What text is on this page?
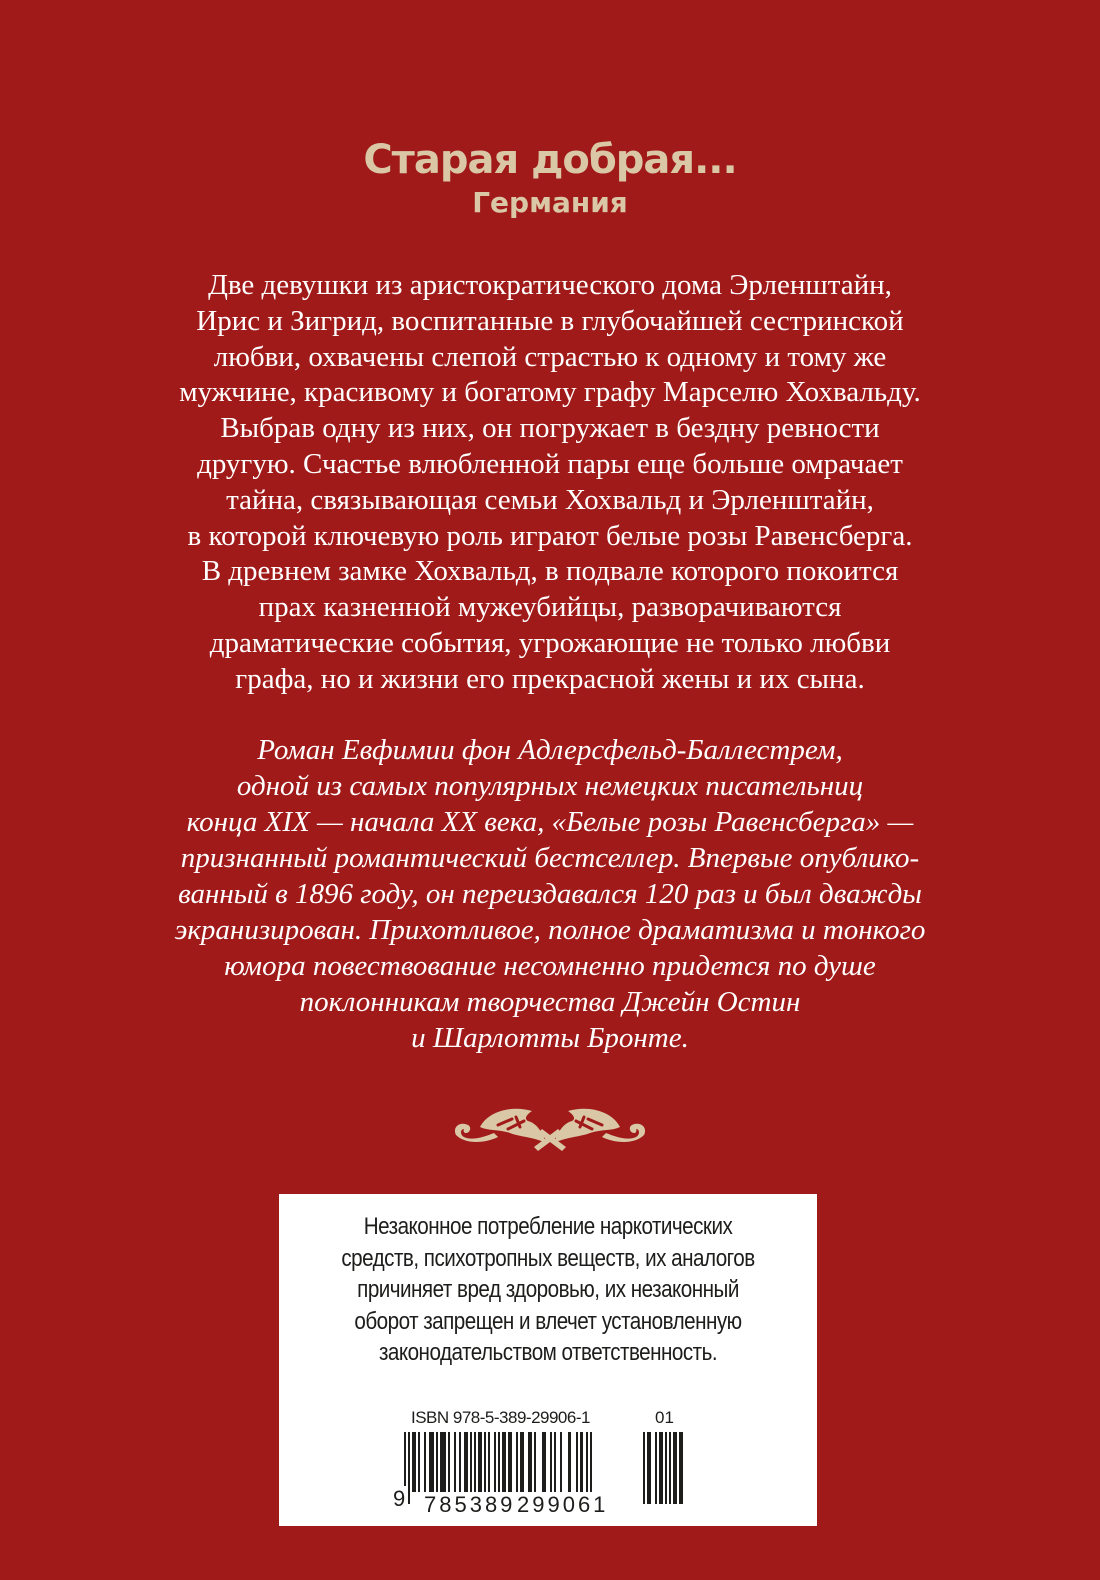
Старая добрая...
Германия

Две девушки из аристократического дома Эрленштайн,
Ирис и Зигрид, воспитанные в глубочайшей сестринской
любви, охвачены слепой страстью к одному и тому же
мужчине, красивому и богатому графу Марселю Хохвальду.
Выбрав одну из них, он погружает в бездну ревности
другую. Счастье влюбленной пары еще больше омрачает
тайна, связывающая семьи Хохвальд и Эрленштайн,
в которой ключевую роль играют белые розы Равенсберга.
В древнем замке Хохвальд, в подвале которого покоится
прах казненной мужеубийцы, разворачиваются
драматические события, угрожающие не только любви
графа, но и жизни его прекрасной жены и их сына.

Роман Евфимии фон Адлерсфельд-Баллестрем,
одной из самых популярных немецких писательниц
конца XIX — начала XX века, «Белые розы Равенсберга» —
признанный романтический бестселлер. Впервые опублико-
ванный в 1896 году, он переиздавался 120 раз и был дважды
экранизирован. Прихотливое, полное драматизма и тонкого
юмора повествование несомненно придется по душе
поклонникам творчества Джейн Остин
и Шарлотты Бронте.

Незаконное потребление наркотических
средств, психотропных веществ, их аналогов
причиняет вред здоровью, их незаконный
оборот запрещен и влечет установленную
законодательством ответственность.
ISBN 978-5-389-29906-1	01
9 785389 299061
